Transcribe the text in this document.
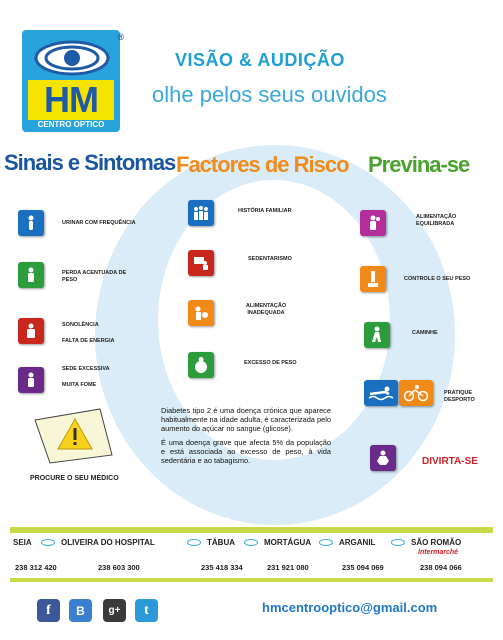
®
HM
CENTRO OPTICO
VISÃO & AUDIÇÃO
olhe pelos seus ouvidos
Sinais e Sintomas Factores de Risco Previna-se
URINAR COM FREQUÊNCIA
PERDA ACENTUADA DE PESO
SONOLÊNCIA
FALTA DE ENERGIA
SEDE EXCESSIVA
MUITA FOME
PROCURE O SEU MÉDICO
HISTÓRIA FAMILIAR
SEDENTARISMO
ALIMENTAÇÃO INADEQUADA
EXCESSO DE PESO

Diabetes tipo 2 é uma doença crónica que aparece habitualmente na idade adulta, é caracterizada pelo aumento do açúcar no sangue (glicose).

É uma doença grave que afecta 5% da população e está associada ao excesso de peso, à vida sedentária e ao tabagismo.

ALIMENTAÇÃO EQUILIBRADA
CONTROLE O SEU PESO
CAMINHE
PRATIQUE DESPORTO
DIVIRTA-SE
SEIA	OLIVEIRA DO HOSPITAL	TÁBUA	MORTÁGUA	ARGANIL	SÃO ROMÃO
Intermarché
238 312 420	238 603 300	235 418 334	231 921 080	235 094 069	238 094 066
f	B	g+	t	hmcentrooptico@gmail.com
